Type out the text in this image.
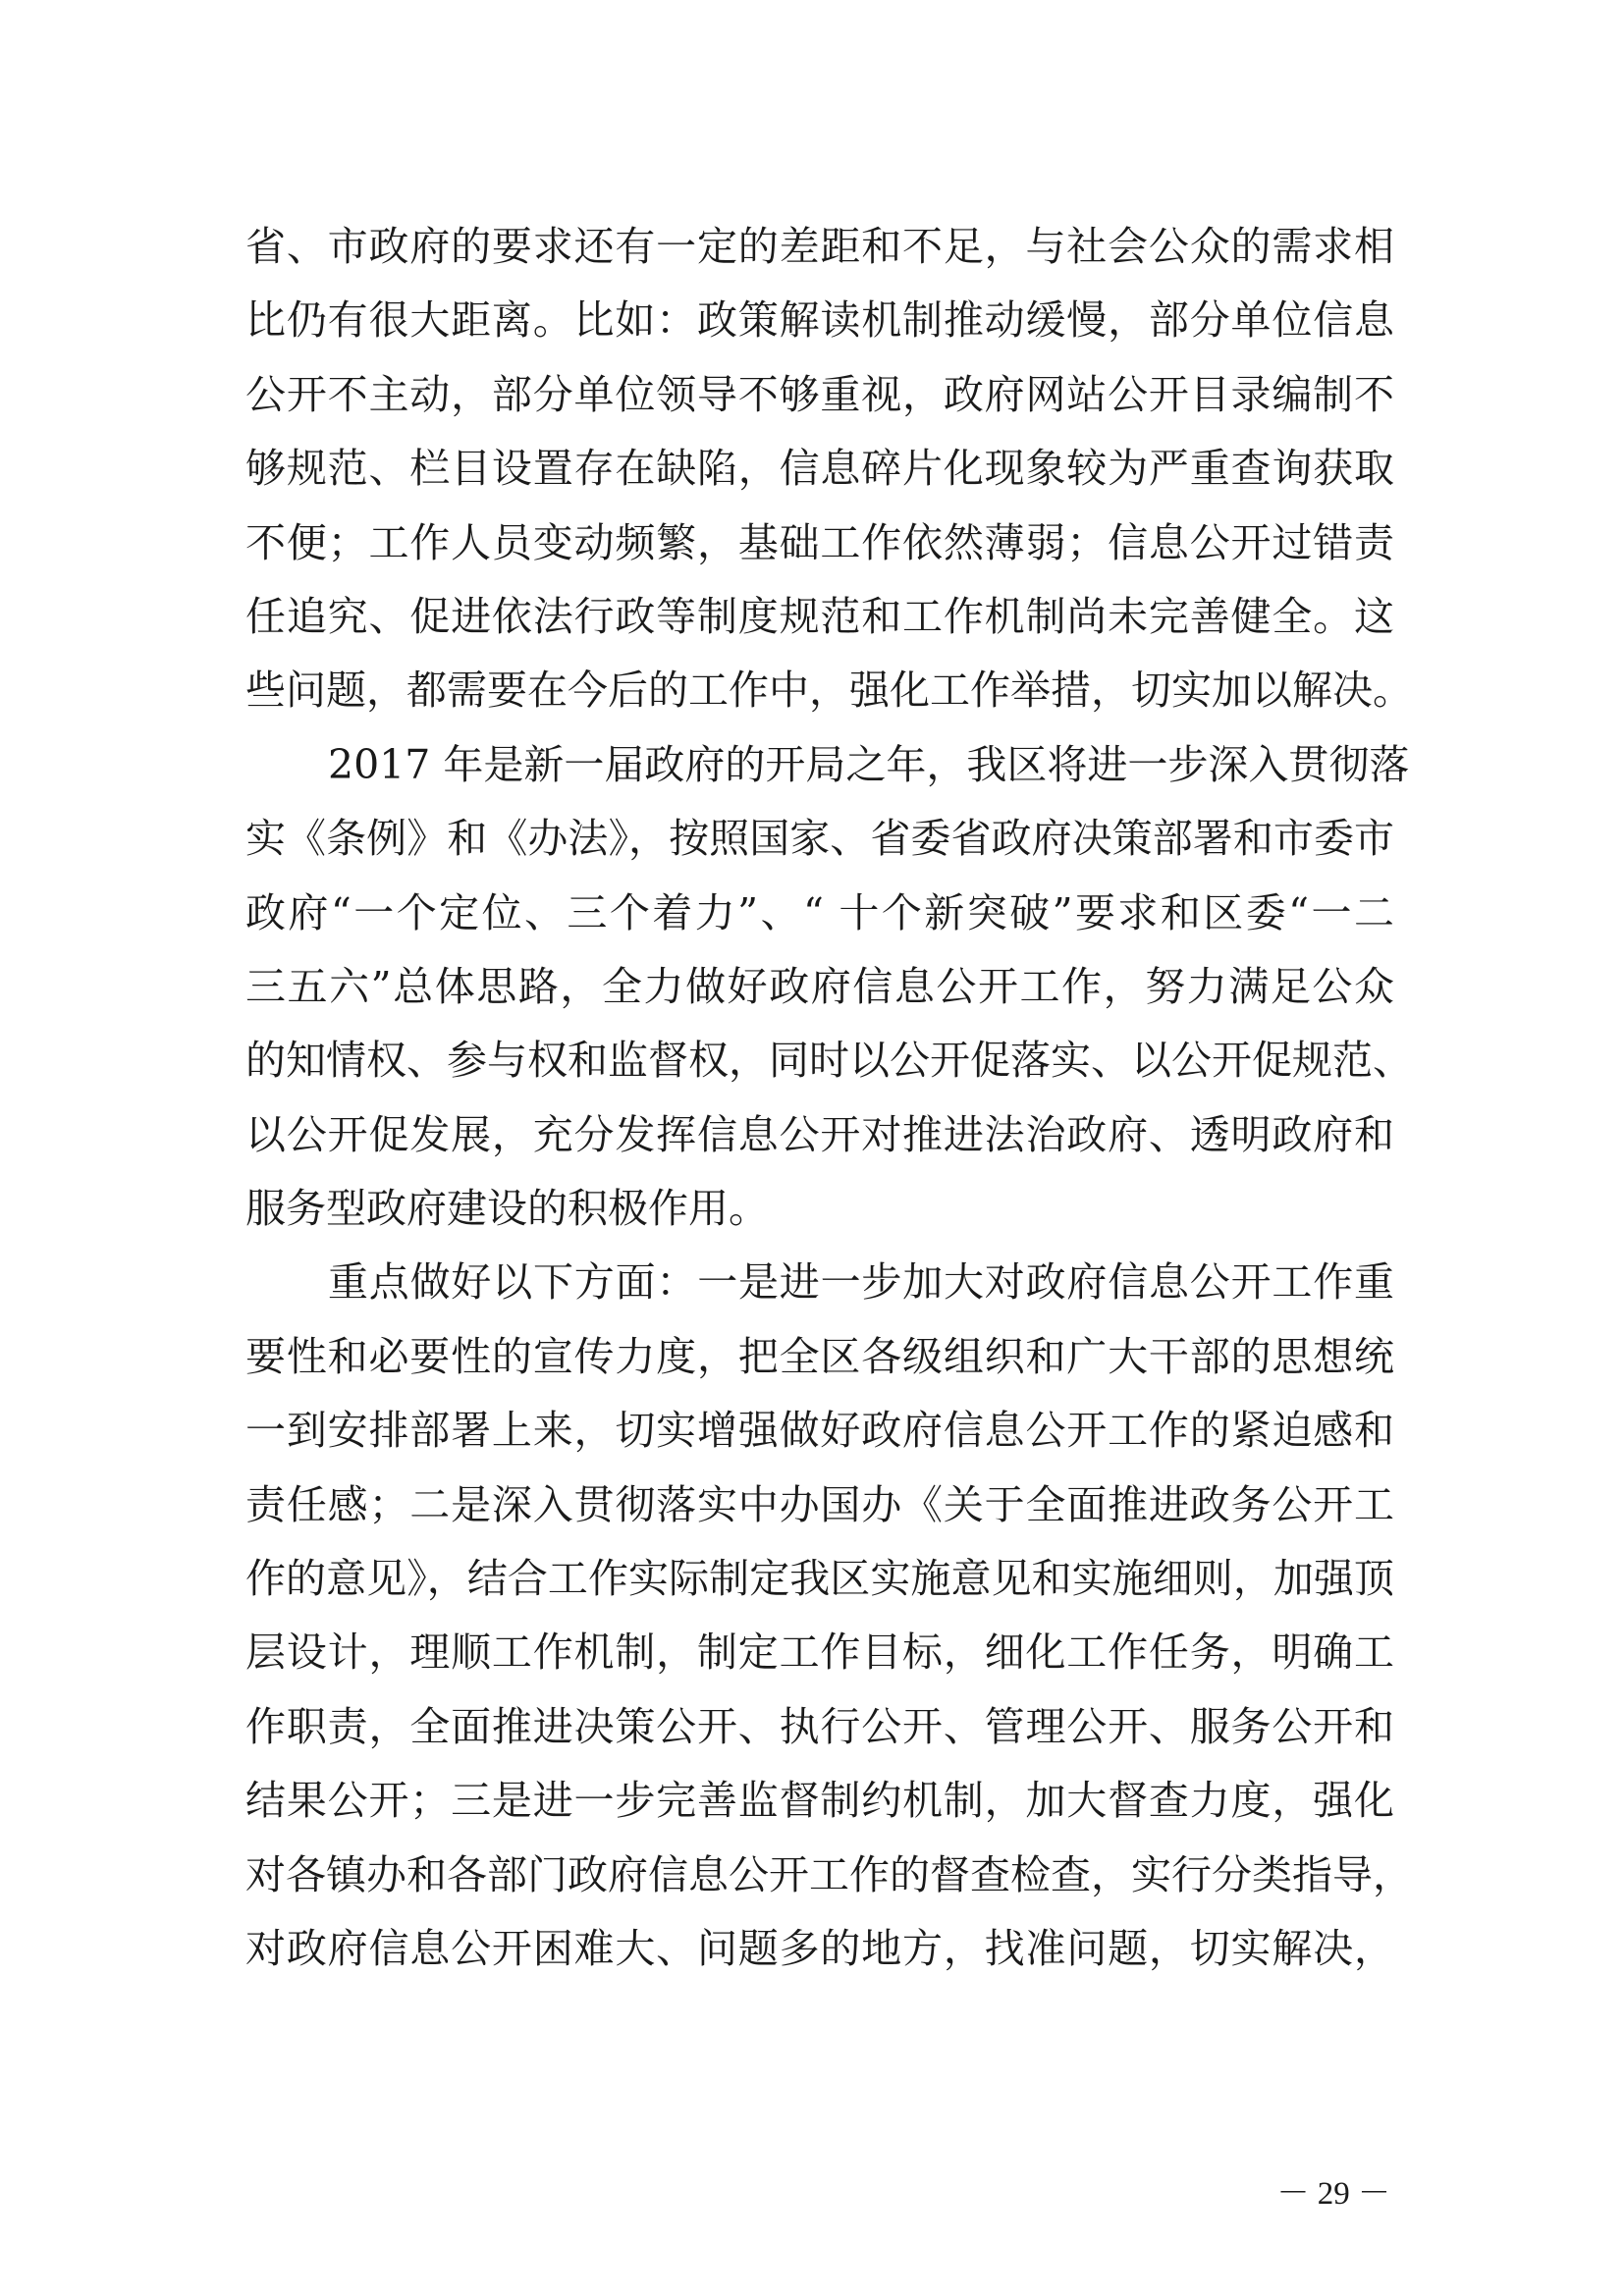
省、市政府的要求还有一定的差距和不足，与社会公众的需求相
比仍有很大距离。比如：政策解读机制推动缓慢，部分单位信息
公开不主动，部分单位领导不够重视，政府网站公开目录编制不
够规范、栏目设置存在缺陷，信息碎片化现象较为严重查询获取
不便；工作人员变动频繁，基础工作依然薄弱；信息公开过错责
任追究、促进依法行政等制度规范和工作机制尚未完善健全。这
些问题，都需要在今后的工作中，强化工作举措，切实加以解决。
2017 年是新一届政府的开局之年，我区将进一步深入贯彻落
实《条例》和《办法》，按照国家、省委省政府决策部署和市委市
政府“一个定位、三个着力”、“ 十个新突破”要求和区委“一二
三五六”总体思路，全力做好政府信息公开工作，努力满足公众
的知情权、参与权和监督权，同时以公开促落实、以公开促规范、
以公开促发展，充分发挥信息公开对推进法治政府、透明政府和
服务型政府建设的积极作用。
重点做好以下方面：一是进一步加大对政府信息公开工作重
要性和必要性的宣传力度，把全区各级组织和广大干部的思想统
一到安排部署上来，切实增强做好政府信息公开工作的紧迫感和
责任感；二是深入贯彻落实中办国办《关于全面推进政务公开工
作的意见》，结合工作实际制定我区实施意见和实施细则，加强顶
层设计，理顺工作机制，制定工作目标，细化工作任务，明确工
作职责，全面推进决策公开、执行公开、管理公开、服务公开和
结果公开；三是进一步完善监督制约机制，加大督查力度，强化
对各镇办和各部门政府信息公开工作的督查检查，实行分类指导，
对政府信息公开困难大、问题多的地方，找准问题，切实解决，
－ 29 －
